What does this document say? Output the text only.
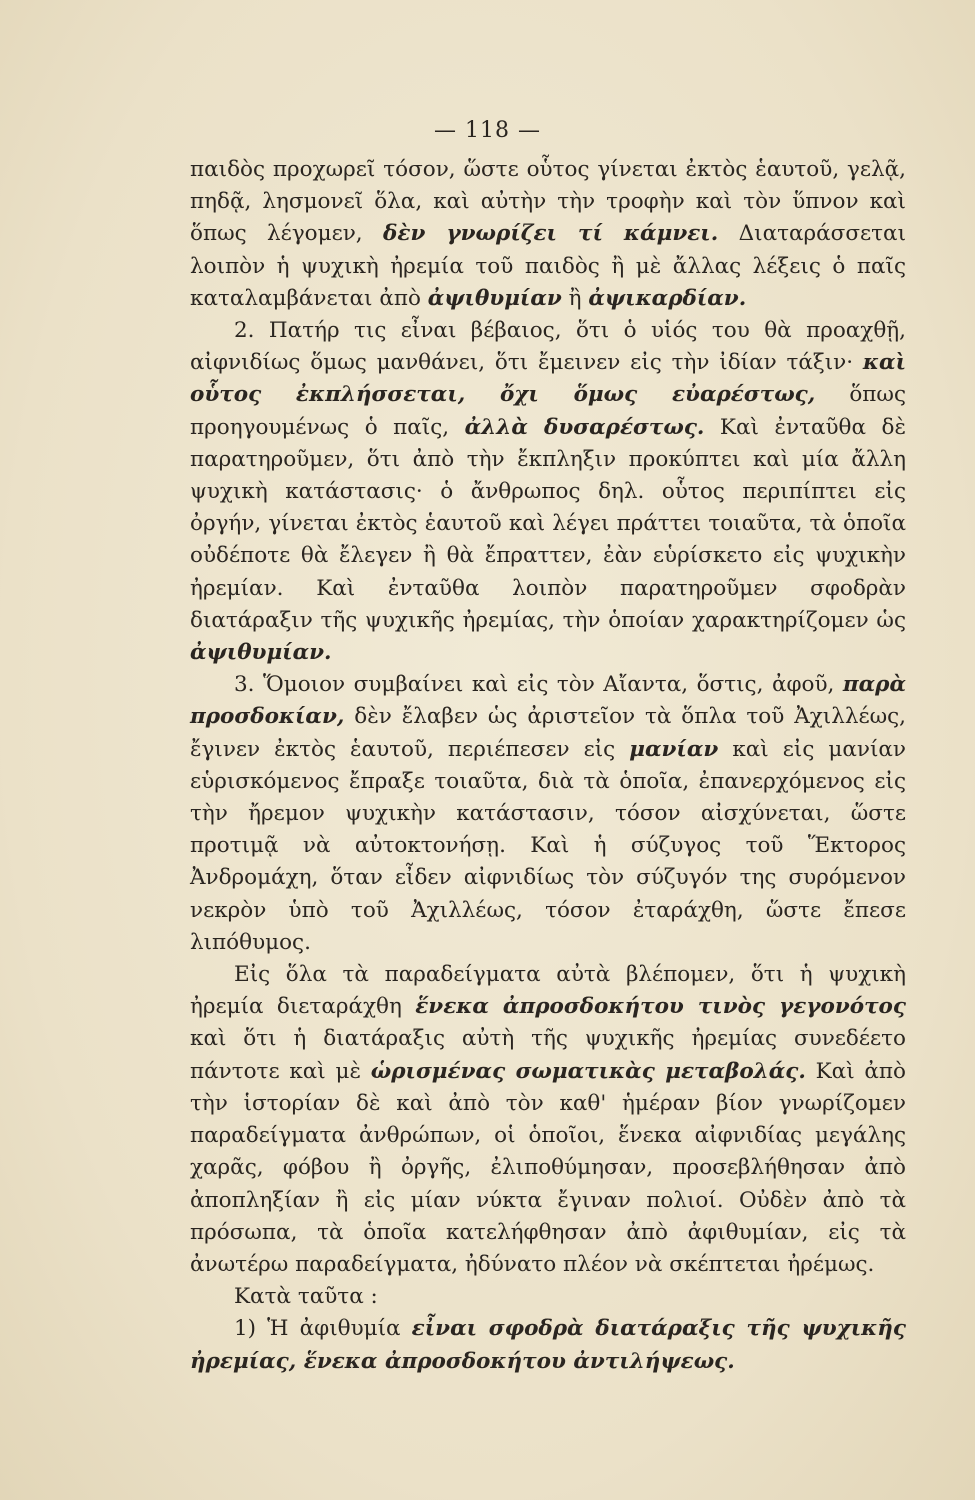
— 118 —

παιδὸς προχωρεῖ τόσον, ὥστε οὗτος γίνεται ἐκτὸς ἑαυτοῦ, γελᾷ, πηδᾷ, λησμονεῖ ὅλα, καὶ αὐτὴν τὴν τροφὴν καὶ τὸν ὕπνον καὶ ὅπως λέγομεν, δὲν γνωρίζει τί κάμνει. Διαταράσσεται λοιπὸν ἡ ψυχικὴ ἠρεμία τοῦ παιδὸς ἢ μὲ ἄλλας λέξεις ὁ παῖς καταλαμβάνεται ἀπὸ ἀψιθυμίαν ἢ ἀψικαρδίαν.

2. Πατήρ τις εἶναι βέβαιος, ὅτι ὁ υἱός του θὰ προαχθῇ, αἰφνιδίως ὅμως μανθάνει, ὅτι ἔμεινεν εἰς τὴν ἰδίαν τάξιν· καὶ οὗτος ἐκπλήσσεται, ὄχι ὅμως εὐαρέστως, ὅπως προηγουμένως ὁ παῖς, ἀλλὰ δυσαρέστως. Καὶ ἐνταῦθα δὲ παρατηροῦμεν, ὅτι ἀπὸ τὴν ἔκπληξιν προκύπτει καὶ μία ἄλλη ψυχικὴ κατάστασις· ὁ ἄνθρωπος δηλ. οὗτος περιπίπτει εἰς ὀργήν, γίνεται ἐκτὸς ἑαυτοῦ καὶ λέγει πράττει τοιαῦτα, τὰ ὁποῖα οὐδέποτε θὰ ἔλεγεν ἢ θὰ ἔπραττεν, ἐὰν εὑρίσκετο εἰς ψυχικὴν ἠρεμίαν. Καὶ ἐνταῦθα λοιπὸν παρατηροῦμεν σφοδρὰν διατάραξιν τῆς ψυχικῆς ἠρεμίας, τὴν ὁποίαν χαρακτηρίζομεν ὡς ἀψιθυμίαν.

3. Ὅμοιον συμβαίνει καὶ εἰς τὸν Αἴαντα, ὅστις, ἀφοῦ, παρὰ προσδοκίαν, δὲν ἔλαβεν ὡς ἀριστεῖον τὰ ὅπλα τοῦ Ἀχιλλέως, ἔγινεν ἐκτὸς ἑαυτοῦ, περιέπεσεν εἰς μανίαν καὶ εἰς μανίαν εὑρισκόμενος ἔπραξε τοιαῦτα, διὰ τὰ ὁποῖα, ἐπανερχόμενος εἰς τὴν ἤρεμον ψυχικὴν κατάστασιν, τόσον αἰσχύνεται, ὥστε προτιμᾷ νὰ αὐτοκτονήσῃ. Καὶ ἡ σύζυγος τοῦ Ἕκτορος Ἀνδρομάχη, ὅταν εἶδεν αἰφνιδίως τὸν σύζυγόν της συρόμενον νεκρὸν ὑπὸ τοῦ Ἀχιλλέως, τόσον ἐταράχθη, ὥστε ἔπεσε λιπόθυμος.

Εἰς ὅλα τὰ παραδείγματα αὐτὰ βλέπομεν, ὅτι ἡ ψυχικὴ ἠρεμία διεταράχθη ἕνεκα ἀπροσδοκήτου τινὸς γεγονότος καὶ ὅτι ἡ διατάραξις αὐτὴ τῆς ψυχικῆς ἠρεμίας συνεδέετο πάντοτε καὶ μὲ ὡρισμένας σωματικὰς μεταβολάς. Καὶ ἀπὸ τὴν ἱστορίαν δὲ καὶ ἀπὸ τὸν καθ' ἡμέραν βίον γνωρίζομεν παραδείγματα ἀνθρώπων, οἱ ὁποῖοι, ἕνεκα αἰφνιδίας μεγάλης χαρᾶς, φόβου ἢ ὀργῆς, ἐλιποθύμησαν, προσεβλήθησαν ἀπὸ ἀποπληξίαν ἢ εἰς μίαν νύκτα ἔγιναν πολιοί. Οὐδὲν ἀπὸ τὰ πρόσωπα, τὰ ὁποῖα κατελήφθησαν ἀπὸ ἀφιθυμίαν, εἰς τὰ ἀνωτέρω παραδείγματα, ἠδύνατο πλέον νὰ σκέπτεται ἠρέμως.

Κατὰ ταῦτα :

1) Ἡ ἀφιθυμία εἶναι σφοδρὰ διατάραξις τῆς ψυχικῆς ἠρεμίας, ἕνεκα ἀπροσδοκήτου ἀντιλήψεως.
